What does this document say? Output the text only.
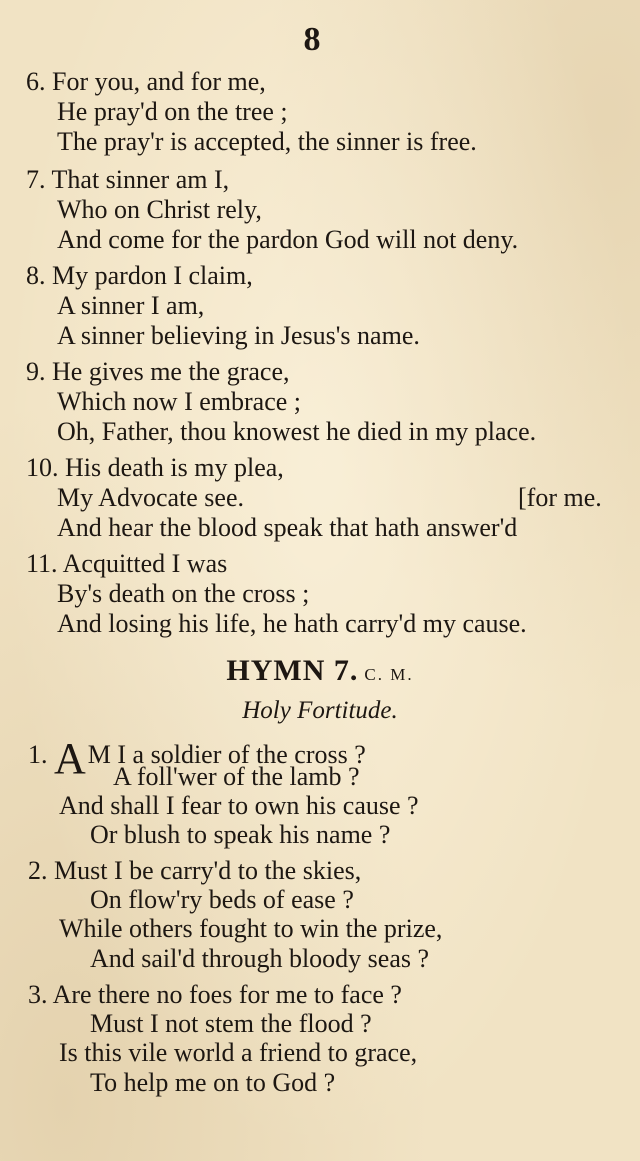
8
6. For you, and for me,
He pray'd on the tree ;
The pray'r is accepted, the sinner is free.
7. That sinner am I,
Who on Christ rely,
And come for the pardon God will not deny.
8. My pardon I claim,
A sinner I am,
A sinner believing in Jesus's name.
9. He gives me the grace,
Which now I embrace ;
Oh, Father, thou knowest he died in my place.
10. His death is my plea,
My Advocate see.	[for me.
And hear the blood speak that hath answer'd
11. Acquitted I was
By's death on the cross ;
And losing his life, he hath carry'd my cause.
HYMN 7. C. M.
Holy Fortitude.
1. AM I a soldier of the cross ?
A foll'wer of the lamb ?
And shall I fear to own his cause ?
Or blush to speak his name ?
2. Must I be carry'd to the skies,
On flow'ry beds of ease ?
While others fought to win the prize,
And sail'd through bloody seas ?
3. Are there no foes for me to face ?
Must I not stem the flood ?
Is this vile world a friend to grace,
To help me on to God ?
